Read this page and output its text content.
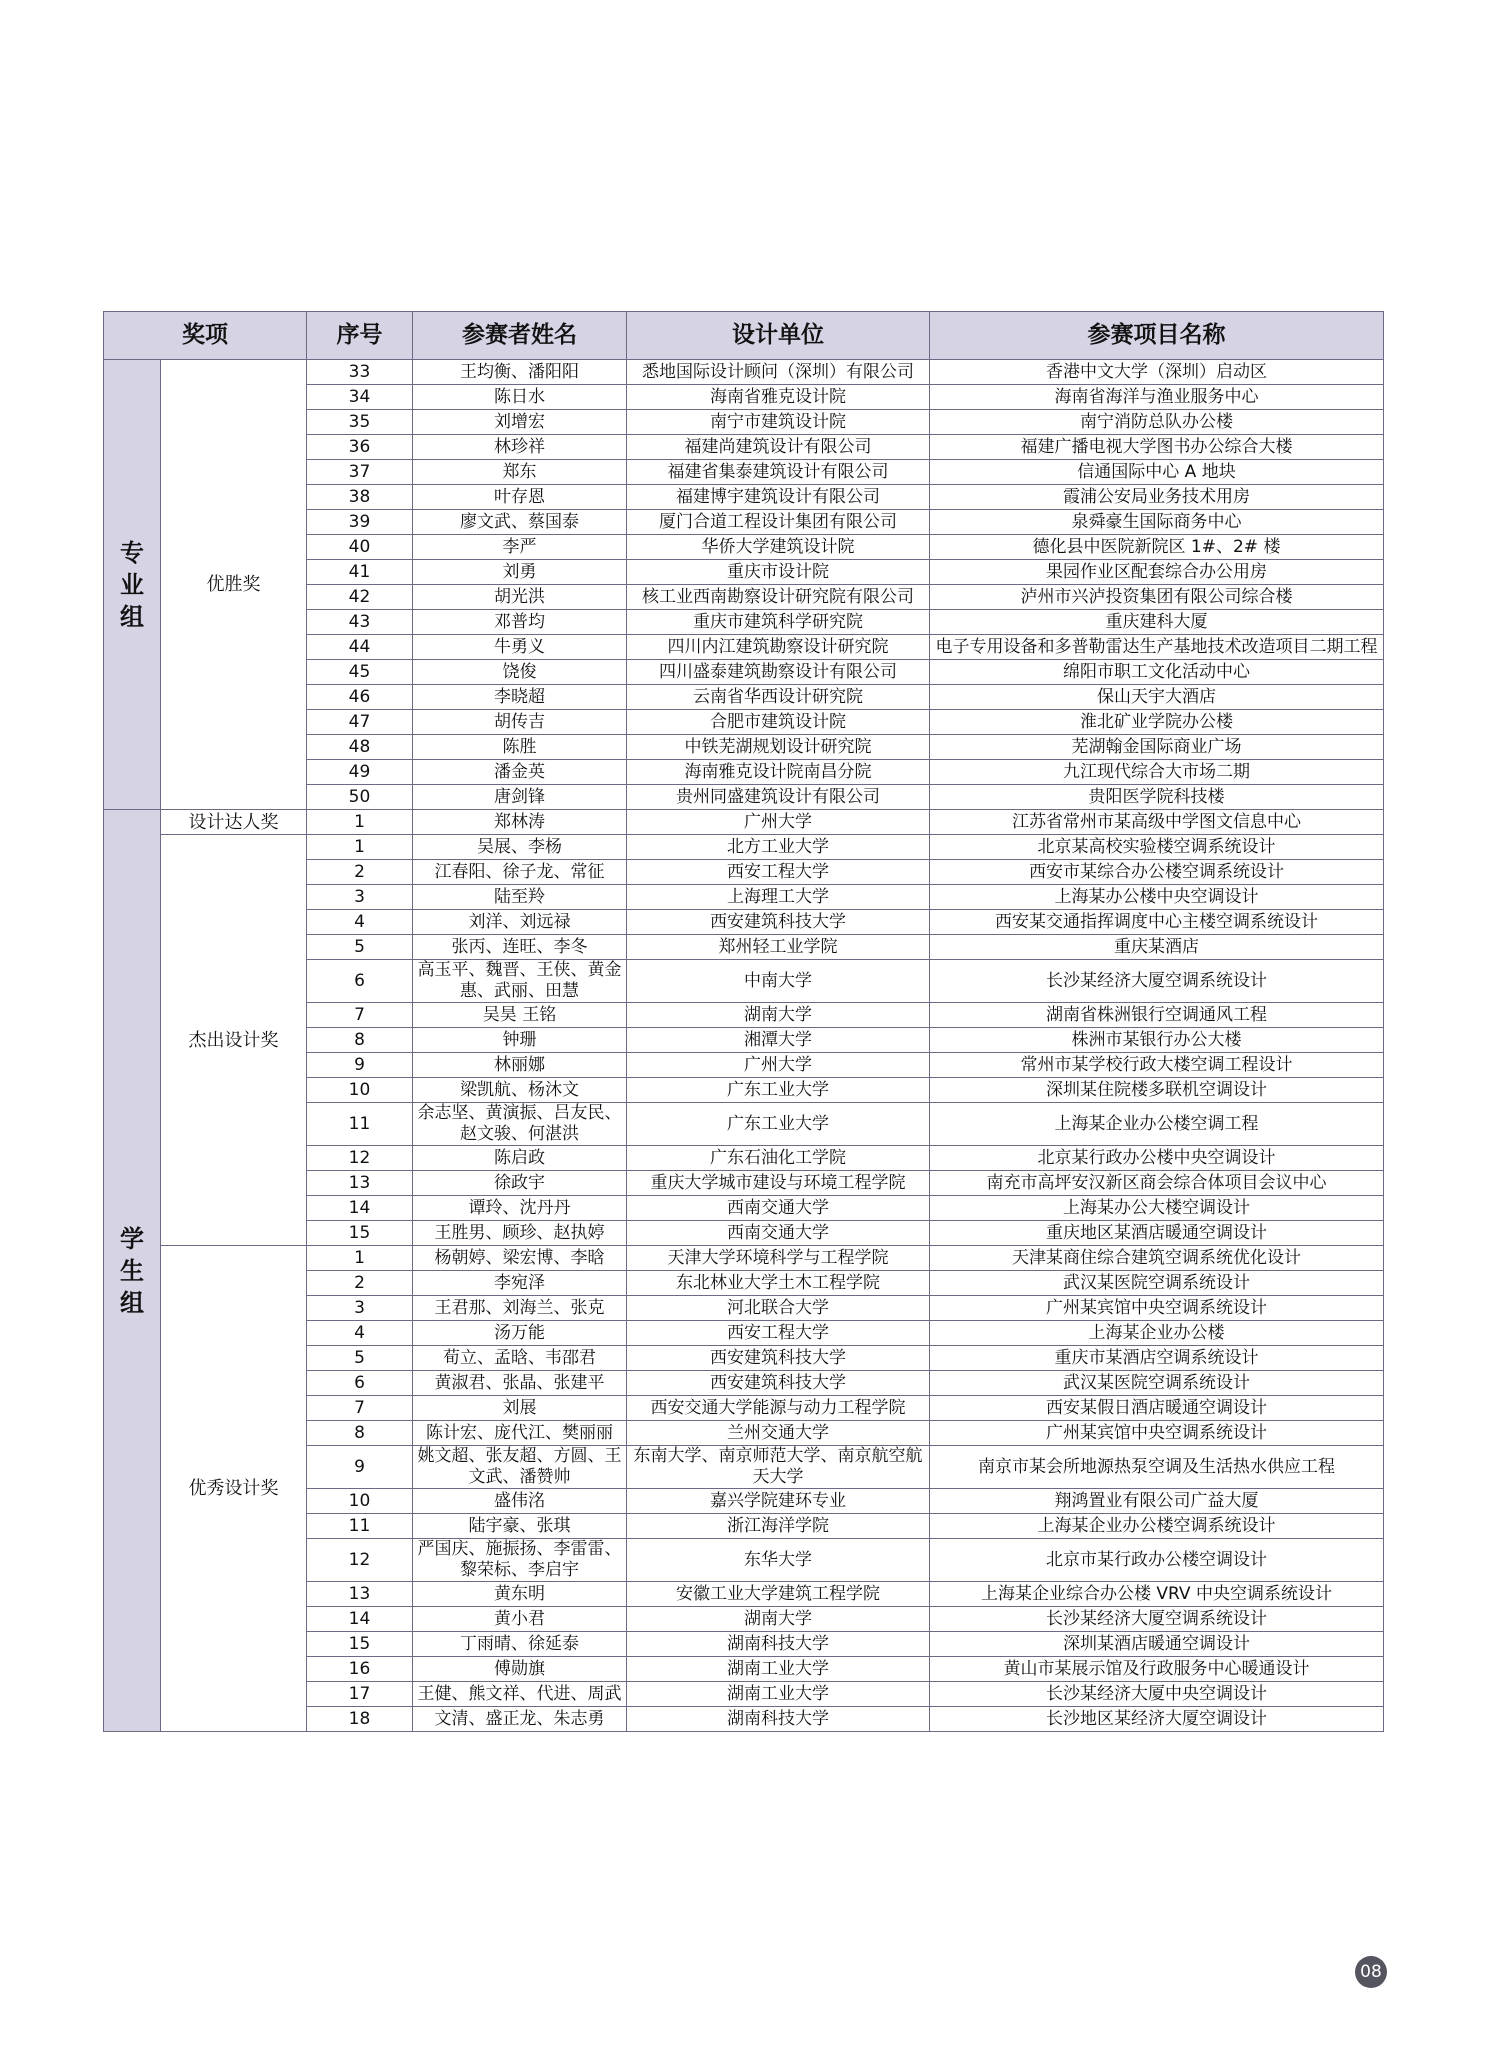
奖项		序号	参赛者姓名	设计单位	参赛项目名称
专业组	优胜奖	33	王均衡、潘阳阳	悉地国际设计顾问（深圳）有限公司	香港中文大学（深圳）启动区
		34	陈日水	海南省雅克设计院	海南省海洋与渔业服务中心
		35	刘增宏	南宁市建筑设计院	南宁消防总队办公楼
		36	林珍祥	福建尚建筑设计有限公司	福建广播电视大学图书办公综合大楼
		37	郑东	福建省集泰建筑设计有限公司	信通国际中心 A 地块
		38	叶存恩	福建博宇建筑设计有限公司	霞浦公安局业务技术用房
		39	廖文武、蔡国泰	厦门合道工程设计集团有限公司	泉舜豪生国际商务中心
		40	李严	华侨大学建筑设计院	德化县中医院新院区 1#、2# 楼
		41	刘勇	重庆市设计院	果园作业区配套综合办公用房
		42	胡光洪	核工业西南勘察设计研究院有限公司	泸州市兴泸投资集团有限公司综合楼
		43	邓普均	重庆市建筑科学研究院	重庆建科大厦
		44	牛勇义	四川内江建筑勘察设计研究院	电子专用设备和多普勒雷达生产基地技术改造项目二期工程
		45	饶俊	四川盛泰建筑勘察设计有限公司	绵阳市职工文化活动中心
		46	李晓超	云南省华西设计研究院	保山天宇大酒店
		47	胡传吉	合肥市建筑设计院	淮北矿业学院办公楼
		48	陈胜	中铁芜湖规划设计研究院	芜湖翰金国际商业广场
		49	潘金英	海南雅克设计院南昌分院	九江现代综合大市场二期
		50	唐剑锋	贵州同盛建筑设计有限公司	贵阳医学院科技楼
学生组	设计达人奖	1	郑林涛	广州大学	江苏省常州市某高级中学图文信息中心
	杰出设计奖	1	吴展、李杨	北方工业大学	北京某高校实验楼空调系统设计
		2	江春阳、徐子龙、常征	西安工程大学	西安市某综合办公楼空调系统设计
		3	陆至羚	上海理工大学	上海某办公楼中央空调设计
		4	刘洋、刘远禄	西安建筑科技大学	西安某交通指挥调度中心主楼空调系统设计
		5	张丙、连旺、李冬	郑州轻工业学院	重庆某酒店
		6	高玉平、魏晋、王侠、黄金惠、武丽、田慧	中南大学	长沙某经济大厦空调系统设计
		7	吴昊 王铭	湖南大学	湖南省株洲银行空调通风工程
		8	钟珊	湘潭大学	株洲市某银行办公大楼
		9	林丽娜	广州大学	常州市某学校行政大楼空调工程设计
		10	梁凯航、杨沐文	广东工业大学	深圳某住院楼多联机空调设计
		11	余志坚、黄演振、吕友民、赵文骏、何湛洪	广东工业大学	上海某企业办公楼空调工程
		12	陈启政	广东石油化工学院	北京某行政办公楼中央空调设计
		13	徐政宇	重庆大学城市建设与环境工程学院	南充市高坪安汉新区商会综合体项目会议中心
		14	谭玲、沈丹丹	西南交通大学	上海某办公大楼空调设计
		15	王胜男、顾珍、赵执婷	西南交通大学	重庆地区某酒店暖通空调设计
	优秀设计奖	1	杨朝婷、梁宏博、李晗	天津大学环境科学与工程学院	天津某商住综合建筑空调系统优化设计
		2	李宛泽	东北林业大学土木工程学院	武汉某医院空调系统设计
		3	王君那、刘海兰、张克	河北联合大学	广州某宾馆中央空调系统设计
		4	汤万能	西安工程大学	上海某企业办公楼
		5	荀立、孟晗、韦邵君	西安建筑科技大学	重庆市某酒店空调系统设计
		6	黄淑君、张晶、张建平	西安建筑科技大学	武汉某医院空调系统设计
		7	刘展	西安交通大学能源与动力工程学院	西安某假日酒店暖通空调设计
		8	陈计宏、庞代江、樊丽丽	兰州交通大学	广州某宾馆中央空调系统设计
		9	姚文超、张友超、方圆、王文武、潘赞帅	东南大学、南京师范大学、南京航空航天大学	南京市某会所地源热泵空调及生活热水供应工程
		10	盛伟洺	嘉兴学院建环专业	翔鸿置业有限公司广益大厦
		11	陆宇豪、张琪	浙江海洋学院	上海某企业办公楼空调系统设计
		12	严国庆、施振扬、李雷雷、黎荣标、李启宇	东华大学	北京市某行政办公楼空调设计
		13	黄东明	安徽工业大学建筑工程学院	上海某企业综合办公楼 VRV 中央空调系统设计
		14	黄小君	湖南大学	长沙某经济大厦空调系统设计
		15	丁雨晴、徐延泰	湖南科技大学	深圳某酒店暖通空调设计
		16	傅勋旗	湖南工业大学	黄山市某展示馆及行政服务中心暖通设计
		17	王健、熊文祥、代进、周武	湖南工业大学	长沙某经济大厦中央空调设计
		18	文清、盛正龙、朱志勇	湖南科技大学	长沙地区某经济大厦空调设计
08
